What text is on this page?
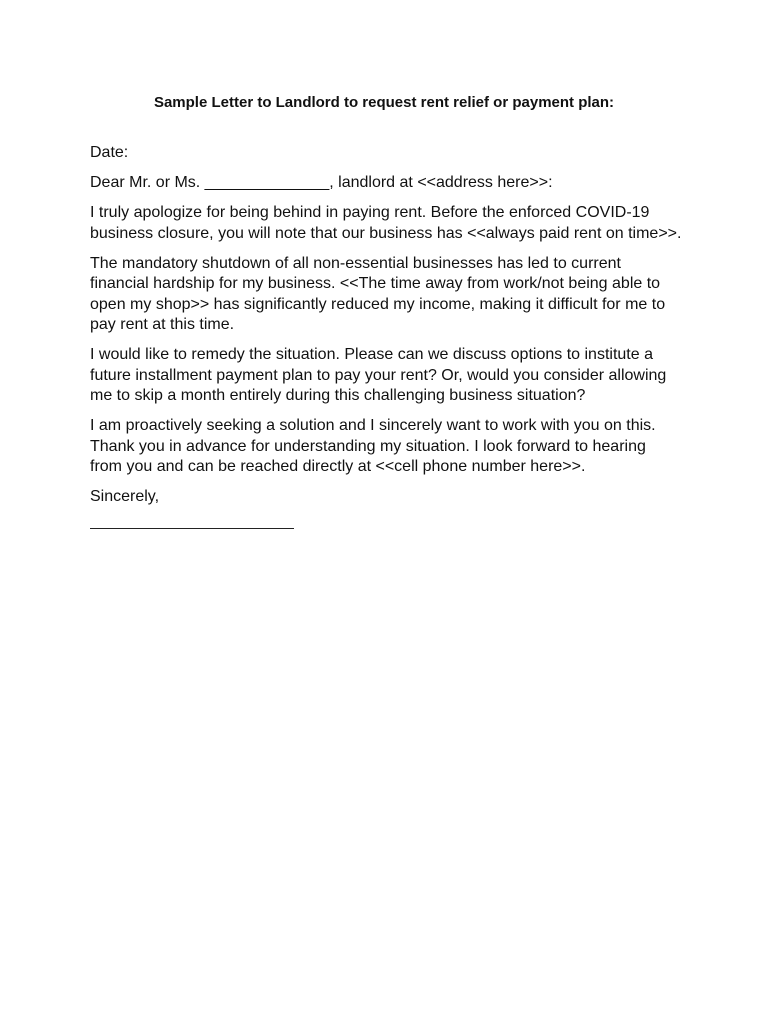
Sample Letter to Landlord to request rent relief or payment plan:

Date:

Dear Mr. or Ms. ______________, landlord at <<address here>>:

I truly apologize for being behind in paying rent. Before the enforced COVID-19 business closure, you will note that our business has <<always paid rent on time>>.

The mandatory shutdown of all non-essential businesses has led to current financial hardship for my business. <<The time away from work/not being able to open my shop>> has significantly reduced my income, making it difficult for me to pay rent at this time.

I would like to remedy the situation. Please can we discuss options to institute a future installment payment plan to pay your rent? Or, would you consider allowing me to skip a month entirely during this challenging business situation?

I am proactively seeking a solution and I sincerely want to work with you on this. Thank you in advance for understanding my situation. I look forward to hearing from you and can be reached directly at <<cell phone number here>>.

Sincerely,
